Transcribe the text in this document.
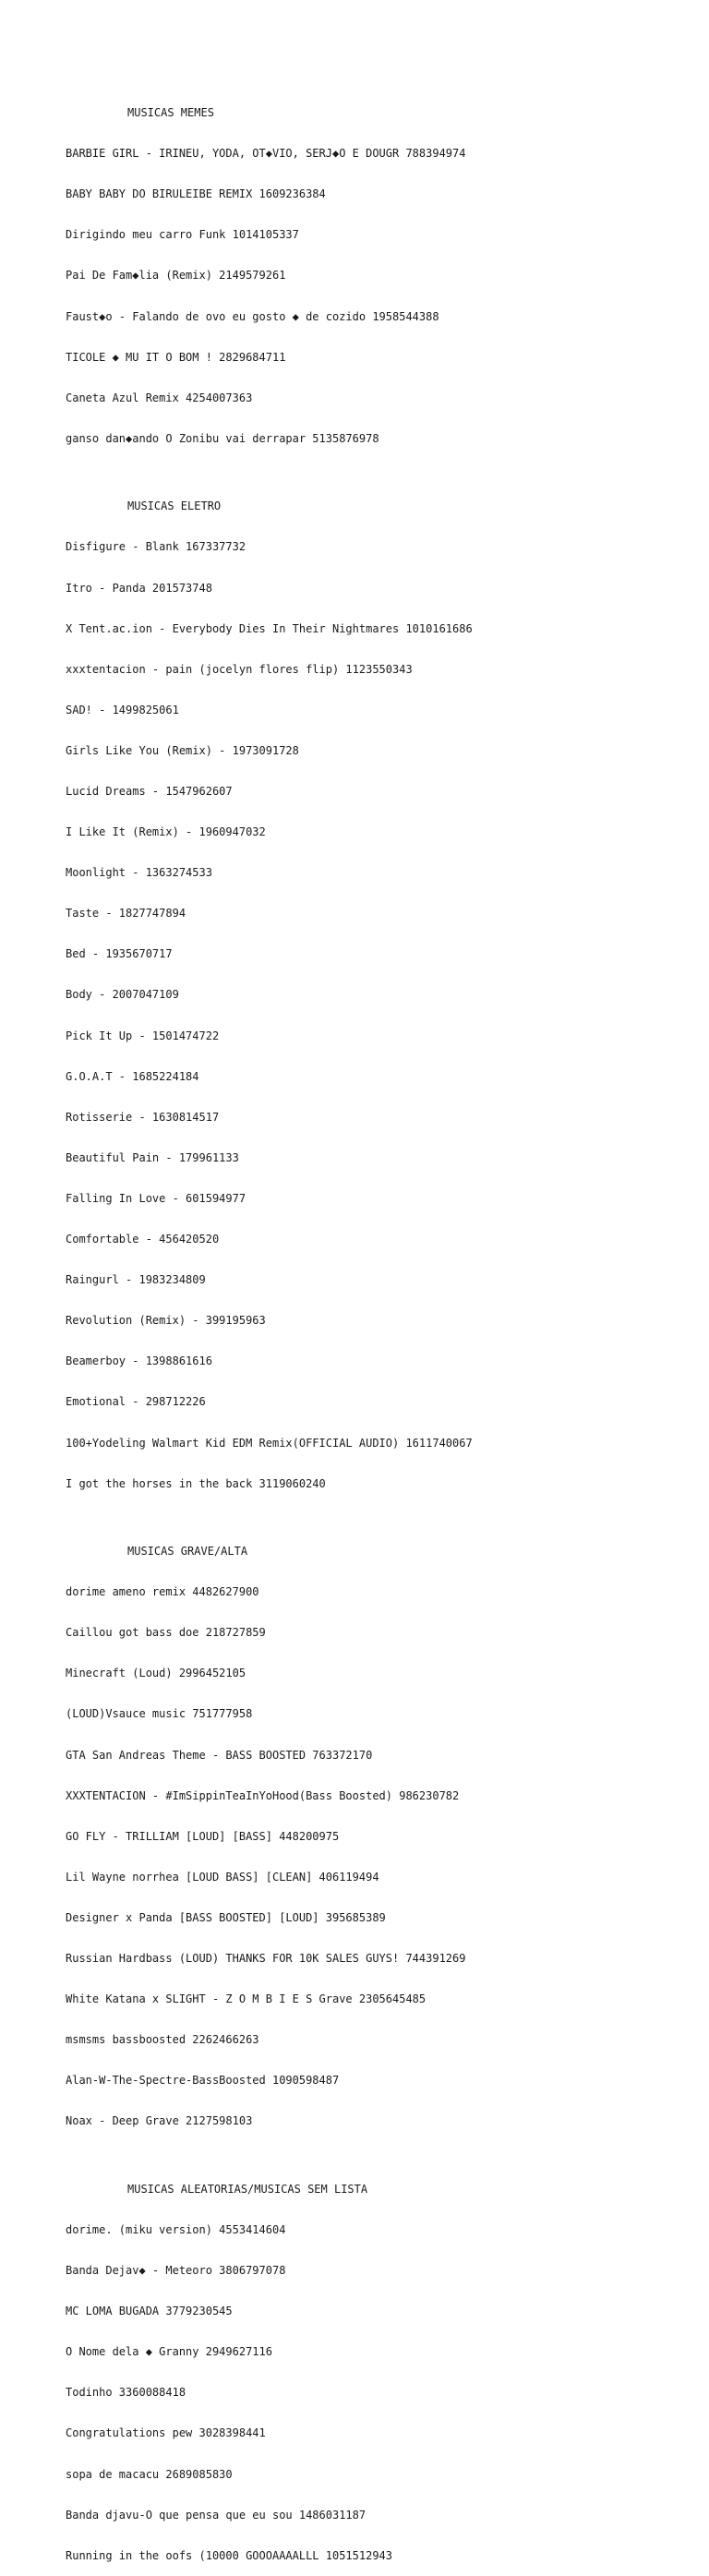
MUSICAS MEMES

BARBIE GIRL - IRINEU, YODA, OT◆VIO, SERJ◆O E DOUGR 788394974

BABY BABY DO BIRULEIBE REMIX 1609236384

Dirigindo meu carro Funk 1014105337

Pai De Fam◆lia (Remix) 2149579261

Faust◆o - Falando de ovo eu gosto ◆ de cozido 1958544388

TICOLE ◆ MU IT O BOM ! 2829684711

Caneta Azul Remix 4254007363

ganso dan◆ando O Zonibu vai derrapar 5135876978

MUSICAS ELETRO

Disfigure - Blank 167337732

Itro - Panda 201573748

X Tent.ac.ion - Everybody Dies In Their Nightmares 1010161686

xxxtentacion - pain (jocelyn flores flip) 1123550343

SAD! - 1499825061

Girls Like You (Remix) - 1973091728

Lucid Dreams - 1547962607

I Like It (Remix) - 1960947032

Moonlight - 1363274533

Taste - 1827747894

Bed - 1935670717

Body - 2007047109

Pick It Up - 1501474722

G.O.A.T - 1685224184

Rotisserie - 1630814517

Beautiful Pain - 179961133

Falling In Love - 601594977

Comfortable - 456420520

Raingurl - 1983234809

Revolution (Remix) - 399195963

Beamerboy - 1398861616

Emotional - 298712226

100+Yodeling Walmart Kid EDM Remix(OFFICIAL AUDIO) 1611740067

I got the horses in the back 3119060240

MUSICAS GRAVE/ALTA

dorime ameno remix 4482627900

Caillou got bass doe 218727859

Minecraft (Loud) 2996452105

(LOUD)Vsauce music 751777958

GTA San Andreas Theme - BASS BOOSTED 763372170

XXXTENTACION - #ImSippinTeaInYoHood(Bass Boosted) 986230782

GO FLY - TRILLIAM [LOUD] [BASS] 448200975

Lil Wayne norrhea [LOUD BASS] [CLEAN] 406119494

Designer x Panda [BASS BOOSTED] [LOUD] 395685389

Russian Hardbass (LOUD) THANKS FOR 10K SALES GUYS! 744391269

White Katana x SLIGHT - Z O M B I E S Grave 2305645485

msmsms bassboosted 2262466263

Alan-W-The-Spectre-BassBoosted 1090598487

Noax - Deep Grave 2127598103

MUSICAS ALEATORIAS/MUSICAS SEM LISTA

dorime. (miku version) 4553414604

Banda Dejav◆ - Meteoro 3806797078

MC LOMA BUGADA 3779230545

O Nome dela ◆ Granny 2949627116

Todinho 3360088418

Congratulations pew 3028398441

sopa de macacu 2689085830

Banda djavu-O que pensa que eu sou 1486031187

Running in the oofs (10000 GOOOAAAALLL 1051512943
